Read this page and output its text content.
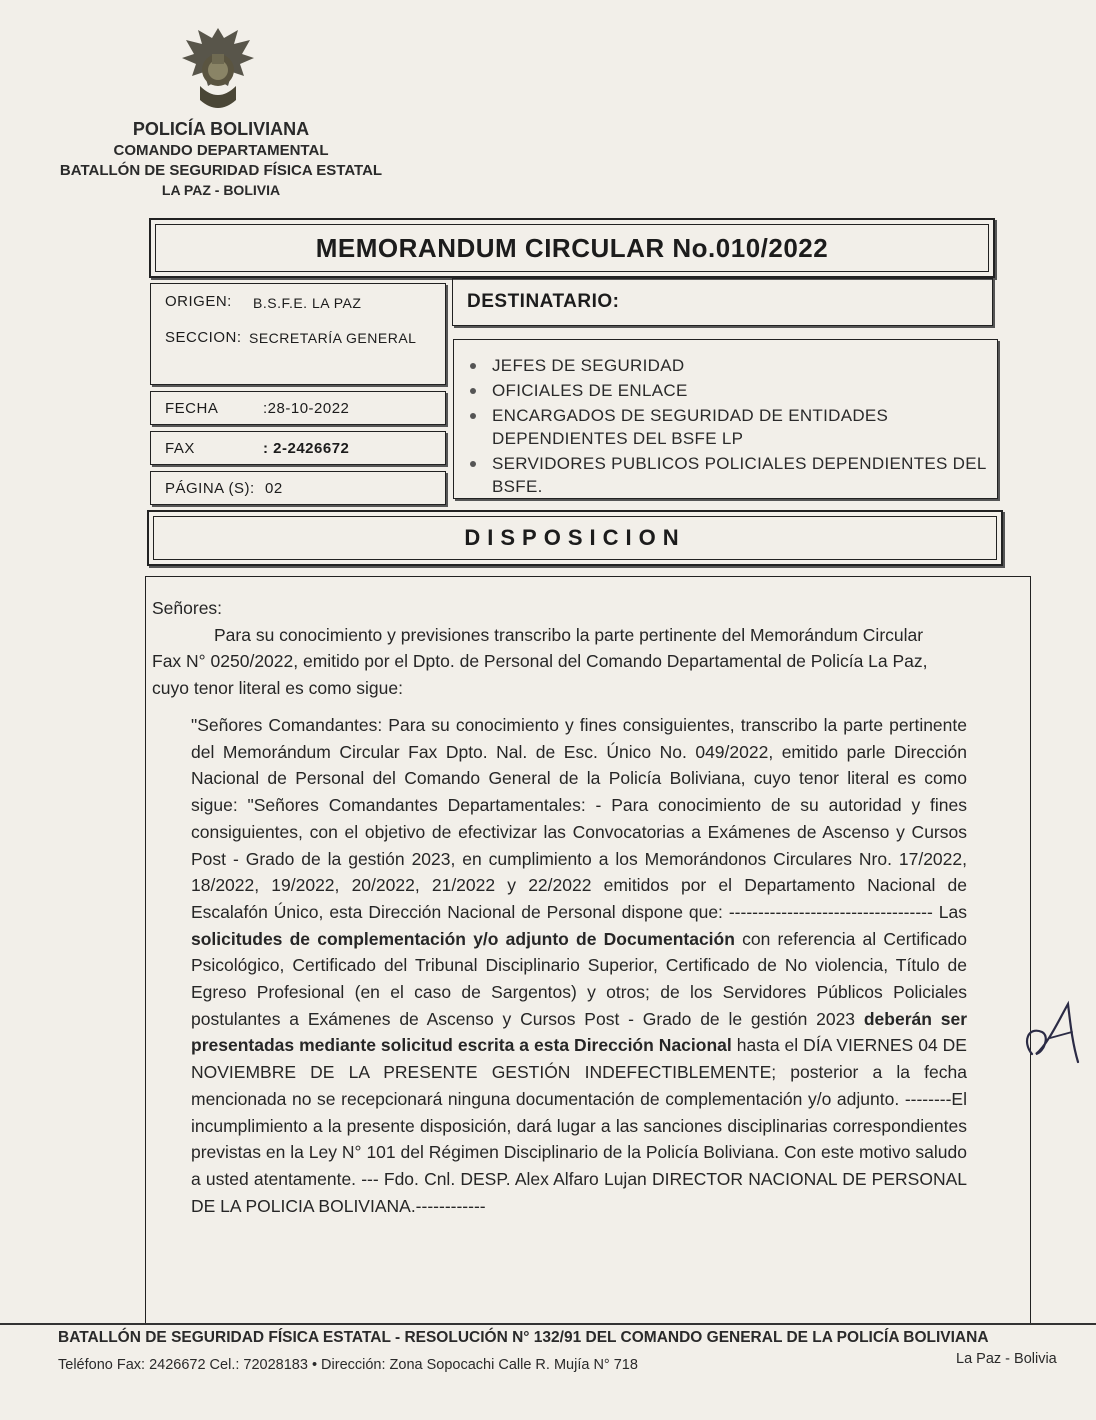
POLICÍA BOLIVIANA
COMANDO DEPARTAMENTAL
BATALLÓN DE SEGURIDAD FÍSICA ESTATAL
LA PAZ - BOLIVIA
MEMORANDUM CIRCULAR No.010/2022
ORIGEN: B.S.F.E. LA PAZ
SECCION: SECRETARÍA GENERAL
FECHA	:28-10-2022
FAX	: 2-2426672
PÁGINA (S): 02
DESTINATARIO:
JEFES DE SEGURIDAD
OFICIALES DE ENLACE
ENCARGADOS DE SEGURIDAD DE ENTIDADES DEPENDIENTES DEL BSFE LP
SERVIDORES PUBLICOS POLICIALES DEPENDIENTES DEL BSFE.
DISPOSICION
Señores:
Para su conocimiento y previsiones transcribo la parte pertinente del Memorándum Circular Fax N° 0250/2022, emitido por el Dpto. de Personal del Comando Departamental de Policía La Paz, cuyo tenor literal es como sigue:
"Señores Comandantes: Para su conocimiento y fines consiguientes, transcribo la parte pertinente del Memorándum Circular Fax Dpto. Nal. de Esc. Único No. 049/2022, emitido parle Dirección Nacional de Personal del Comando General de la Policía Boliviana, cuyo tenor literal es como sigue: "Señores Comandantes Departamentales: - Para conocimiento de su autoridad y fines consiguientes, con el objetivo de efectivizar las Convocatorias a Exámenes de Ascenso y Cursos Post - Grado de la gestión 2023, en cumplimiento a los Memorándonos Circulares Nro. 17/2022, 18/2022, 19/2022, 20/2022, 21/2022 y 22/2022 emitidos por el Departamento Nacional de Escalafón Único, esta Dirección Nacional de Personal dispone que: ----------------------------------- Las solicitudes de complementación y/o adjunto de Documentación con referencia al Certificado Psicológico, Certificado del Tribunal Disciplinario Superior, Certificado de No violencia, Título de Egreso Profesional (en el caso de Sargentos) y otros; de los Servidores Públicos Policiales postulantes a Exámenes de Ascenso y Cursos Post - Grado de le gestión 2023 deberán ser presentadas mediante solicitud escrita a esta Dirección Nacional hasta el DÍA VIERNES 04 DE NOVIEMBRE DE LA PRESENTE GESTIÓN INDEFECTIBLEMENTE; posterior a la fecha mencionada no se recepcionará ninguna documentación de complementación y/o adjunto. --------El incumplimiento a la presente disposición, dará lugar a las sanciones disciplinarias correspondientes previstas en la Ley N° 101 del Régimen Disciplinario de la Policía Boliviana. Con este motivo saludo a usted atentamente. --- Fdo. Cnl. DESP. Alex Alfaro Lujan DIRECTOR NACIONAL DE PERSONAL DE LA POLICIA BOLIVIANA.------------
BATALLÓN DE SEGURIDAD FÍSICA ESTATAL - RESOLUCIÓN N° 132/91 DEL COMANDO GENERAL DE LA POLICÍA BOLIVIANA
Teléfono Fax: 2426672 Cel.: 72028183 • Dirección: Zona Sopocachi Calle R. Mujía N° 718	La Paz - Bolivia
